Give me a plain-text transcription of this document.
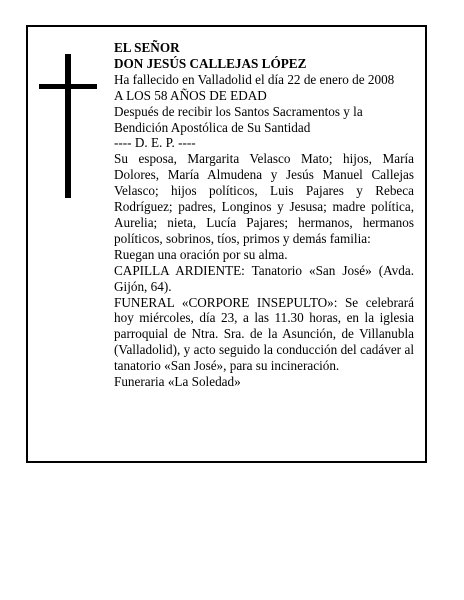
EL SEÑOR

DON JESÚS CALLEJAS LÓPEZ

Ha fallecido en Valladolid el día 22 de enero de 2008

A LOS 58 AÑOS DE EDAD

Después de recibir los Santos Sacramentos y la Bendición Apostólica de Su Santidad

---- D. E. P. ----

Su esposa, Margarita Velasco Mato; hijos, María Dolores, María Almudena y Jesús Manuel Callejas Velasco; hijos políticos, Luis Pajares y Rebeca Rodríguez; padres, Longinos y Jesusa; madre política, Aurelia; nieta, Lucía Pajares; hermanos, hermanos políticos, sobrinos, tíos, primos y demás familia:

Ruegan una oración por su alma.

CAPILLA ARDIENTE: Tanatorio «San José» (Avda. Gijón, 64).

FUNERAL «CORPORE INSEPULTO»: Se celebrará hoy miércoles, día 23, a las 11.30 horas, en la iglesia parroquial de Ntra. Sra. de la Asunción, de Villanubla (Valladolid), y acto seguido la conducción del cadáver al tanatorio «San José», para su incineración.

Funeraria «La Soledad»
